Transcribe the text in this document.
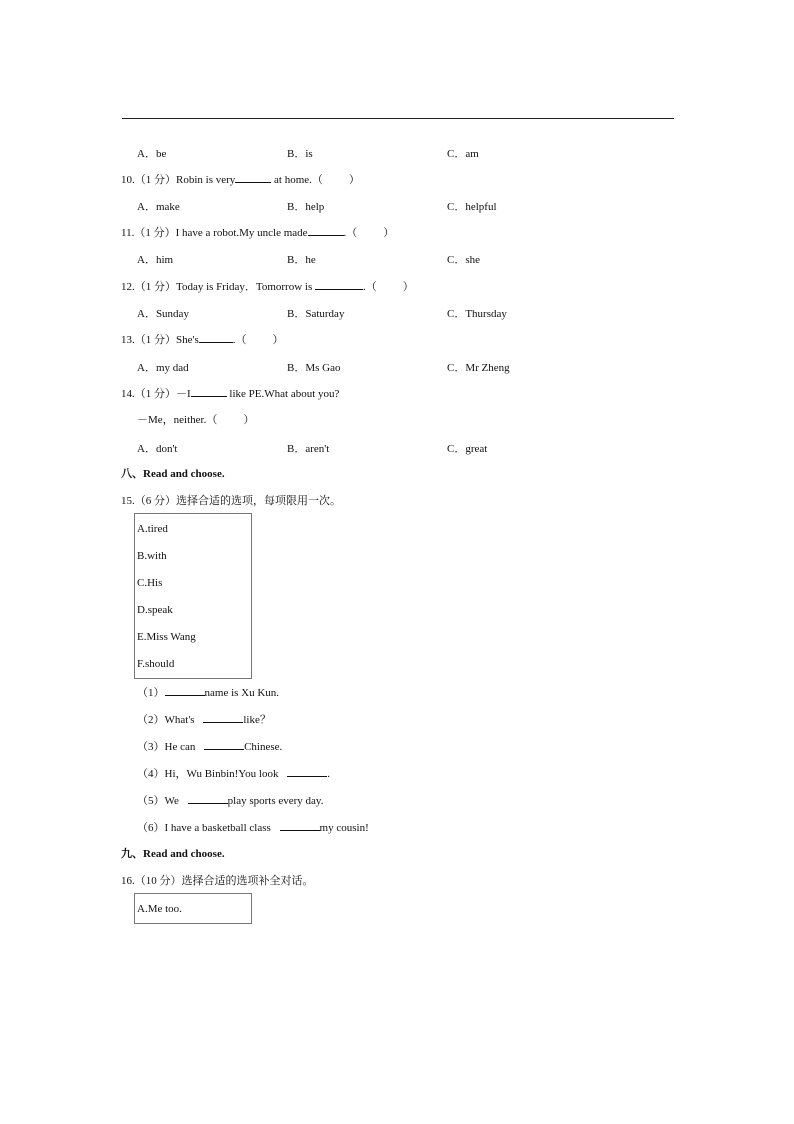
A．be	B．is	C．am
10.（1 分）Robin is very	at home.（ ）
A．make	B．help	C．helpful
11.（1 分）I have a robot.My uncle made	.（ ）
A．him	B．he	C．she
12.（1 分）Today is Friday．Tomorrow is	.（ ）
A．Sunday	B．Saturday	C．Thursday
13.（1 分）She's	.（ ）
A．my dad	B．Ms Gao	C．Mr Zheng
14.（1 分）－I	like PE.What about you?
－Me，neither.（ ）
A．don't	B．aren't	C．great
八、Read and choose.
15.（6 分）选择合适的选项，每项限用一次。
A.tired
B.with
C.His
D.speak
E.Miss Wang
F.should
（1）	name is Xu Kun.
（2）What's	like？
（3）He can	Chinese.
（4）Hi，Wu Binbin!You look	.
（5）We	play sports every day.
（6）I have a basketball class	my cousin!
九、Read and choose.
16.（10 分）选择合适的选项补全对话。
A.Me too.
